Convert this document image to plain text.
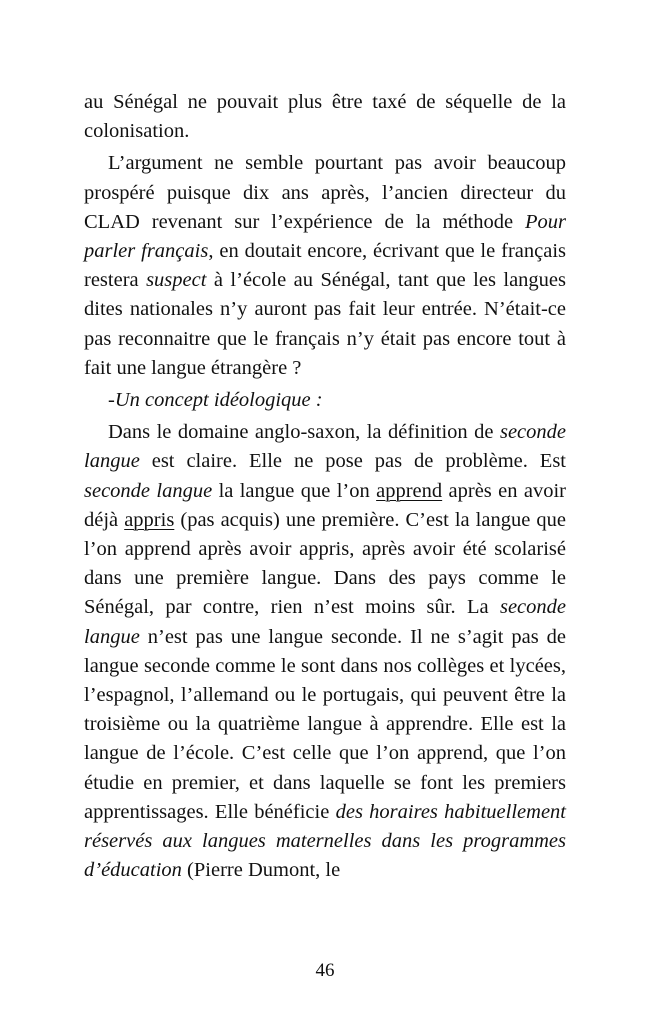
au Sénégal ne pouvait plus être taxé de séquelle de la colonisation.

L’argument ne semble pourtant pas avoir beaucoup prospéré puisque dix ans après, l’ancien directeur du CLAD revenant sur l’expérience de la méthode Pour parler français, en doutait encore, écrivant que le français restera suspect à l’école au Sénégal, tant que les langues dites nationales n’y auront pas fait leur entrée. N’était-ce pas reconnaitre que le français n’y était pas encore tout à fait une langue étrangère ?

-Un concept idéologique :

Dans le domaine anglo-saxon, la définition de seconde langue est claire. Elle ne pose pas de problème. Est seconde langue la langue que l’on apprend après en avoir déjà appris (pas acquis) une première. C’est la langue que l’on apprend après avoir appris, après avoir été scolarisé dans une première langue. Dans des pays comme le Sénégal, par contre, rien n’est moins sûr. La seconde langue n’est pas une langue seconde. Il ne s’agit pas de langue seconde comme le sont dans nos collèges et lycées, l’espagnol, l’allemand ou le portugais, qui peuvent être la troisième ou la quatrième langue à apprendre. Elle est la langue de l’école. C’est celle que l’on apprend, que l’on étudie en premier, et dans laquelle se font les premiers apprentissages. Elle bénéficie des horaires habituellement réservés aux langues maternelles dans les programmes d’éducation (Pierre Dumont, le

46
